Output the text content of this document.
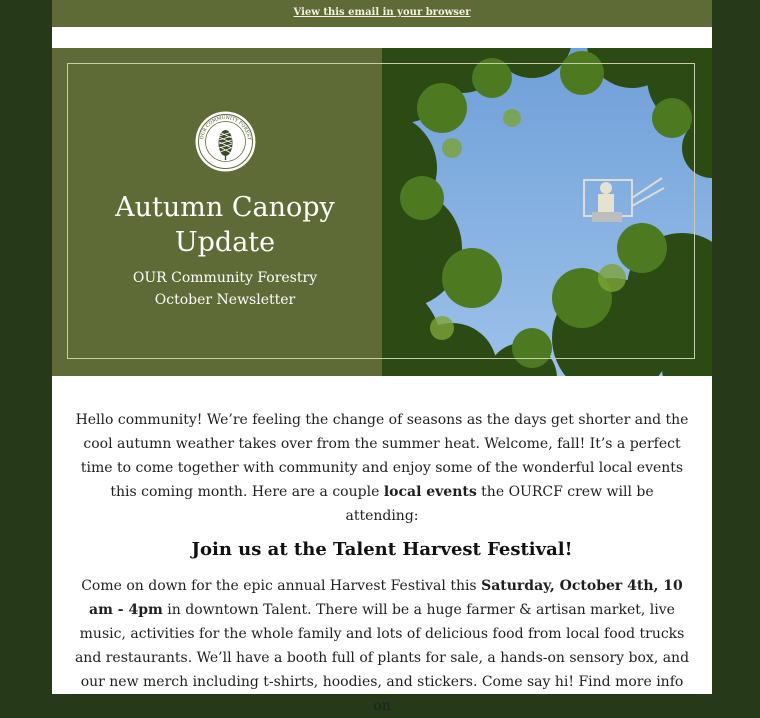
View this email in your browser
OUR COMMUNITY FOREST
Autumn Canopy Update
OUR Community Forestry
October Newsletter

Hello community! We’re feeling the change of seasons as the days get shorter and the cool autumn weather takes over from the summer heat. Welcome, fall! It’s a perfect time to come together with community and enjoy some of the wonderful local events this coming month. Here are a couple local events the OURCF crew will be attending:

Join us at the Talent Harvest Festival!

Come on down for the epic annual Harvest Festival this Saturday, October 4th, 10 am - 4pm in downtown Talent. There will be a huge farmer & artisan market, live music, activities for the whole family and lots of delicious food from local food trucks and restaurants. We’ll have a booth full of plants for sale, a hands-on sensory box, and our new merch including t-shirts, hoodies, and stickers. Come say hi! Find more info on
